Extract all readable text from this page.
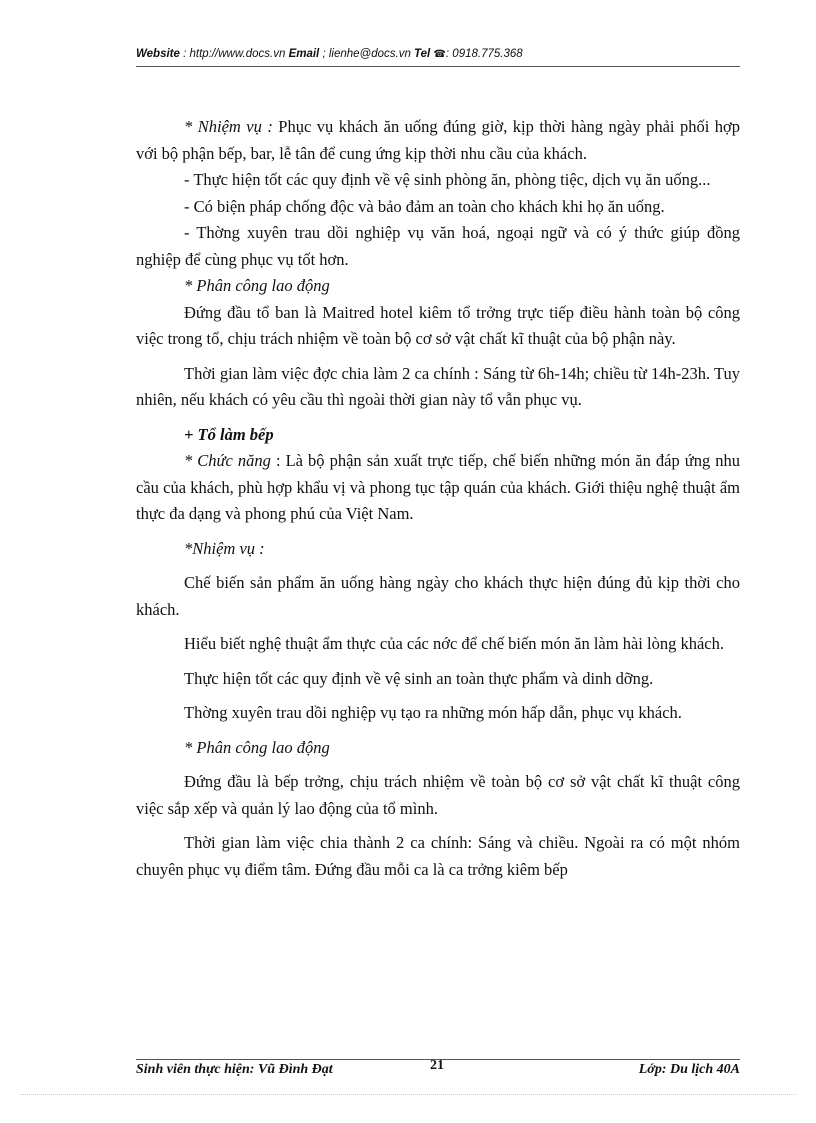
Website : http://www.docs.vn Email ; lienhe@docs.vn Tel ☎: 0918.775.368

* Nhiệm vụ : Phục vụ khách ăn uống đúng giờ, kịp thời hàng ngày phải phối hợp với bộ phận bếp, bar, lễ tân để cung ứng kịp thời nhu cầu của khách.

- Thực hiện tốt các quy định về vệ sinh phòng ăn, phòng tiệc, dịch vụ ăn uống...

- Có biện pháp chống độc và bảo đảm an toàn cho khách khi họ ăn uống.

- Thờng xuyên trau dồi nghiệp vụ văn hoá, ngoại ngữ và có ý thức giúp đồng nghiệp để cùng phục vụ tốt hơn.

* Phân công lao động

Đứng đầu tổ ban là Maitred hotel kiêm tổ trởng trực tiếp điều hành toàn bộ công việc trong tổ, chịu trách nhiệm về toàn bộ cơ sở vật chất kĩ thuật của bộ phận này.

Thời gian làm việc đợc chia làm 2 ca chính : Sáng từ 6h-14h; chiều từ 14h-23h. Tuy nhiên, nếu khách có yêu cầu thì ngoài thời gian này tổ vẫn phục vụ.

+ Tổ làm bếp

* Chức năng : Là bộ phận sản xuất trực tiếp, chế biến những món ăn đáp ứng nhu cầu của khách, phù hợp khẩu vị và phong tục tập quán của khách. Giới thiệu nghệ thuật ẩm thực đa dạng và phong phú của Việt Nam.

*Nhiệm vụ :

Chế biến sản phẩm ăn uống hàng ngày cho khách thực hiện đúng đủ kịp thời cho khách.

Hiểu biết nghệ thuật ẩm thực của các nớc để chế biến món ăn làm hài lòng khách.

Thực hiện tốt các quy định về vệ sinh an toàn thực phẩm và dinh dỡng.

Thờng xuyên trau dồi nghiệp vụ tạo ra những món hấp dẫn, phục vụ khách.

* Phân công lao động

Đứng đầu là bếp trởng, chịu trách nhiệm về toàn bộ cơ sở vật chất kĩ thuật công việc sắp xếp và quản lý lao động của tổ mình.

Thời gian làm việc chia thành 2 ca chính: Sáng và chiều. Ngoài ra có một nhóm chuyên phục vụ điểm tâm. Đứng đầu mỗi ca là ca trởng kiêm bếp

Sinh viên thực hiện: Vũ Đình Đạt	21	Lớp: Du lịch 40A
